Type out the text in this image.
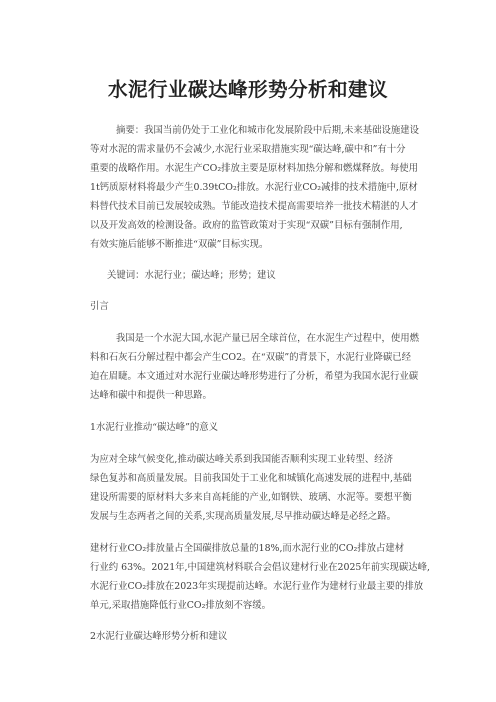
水泥行业碳达峰形势分析和建议
摘要：我国当前仍处于工业化和城市化发展阶段中后期,未来基础设施建设
等对水泥的需求量仍不会减少,水泥行业采取措施实现“碳达峰,碳中和”有十分
重要的战略作用。水泥生产CO₂排放主要是原材料加热分解和燃煤释放。每使用
1t钙质原材料将最少产生0.39tCO₂排放。水泥行业CO₂减排的技术措施中,原材
料替代技术目前已发展较成熟。节能改造技术提高需要培养一批技术精湛的人才
以及开发高效的检测设备。政府的监管政策对于实现“双碳”目标有强制作用,
有效实施后能够不断推进“双碳”目标实现。
关键词：水泥行业；碳达峰；形势；建议
引言
我国是一个水泥大国,水泥产量已居全球首位，在水泥生产过程中，使用燃
料和石灰石分解过程中都会产生CO2。在“双碳”的背景下，水泥行业降碳已经
迫在眉睫。本文通过对水泥行业碳达峰形势进行了分析，希望为我国水泥行业碳
达峰和碳中和提供一种思路。
1水泥行业推动“碳达峰”的意义
为应对全球气候变化,推动碳达峰关系到我国能否顺利实现工业转型、经济
绿色复苏和高质量发展。目前我国处于工业化和城镇化高速发展的进程中,基础
建设所需要的原材料大多来自高耗能的产业,如钢铁、玻璃、水泥等。要想平衡
发展与生态两者之间的关系,实现高质量发展,尽早推动碳达峰是必经之路。
建材行业CO₂排放量占全国碳排放总量的18%,而水泥行业的CO₂排放占建材
行业约 63%。2021年,中国建筑材料联合会倡议建材行业在2025年前实现碳达峰,
水泥行业CO₂排放在2023年实现提前达峰。水泥行业作为建材行业最主要的排放
单元,采取措施降低行业CO₂排放刻不容缓。
2水泥行业碳达峰形势分析和建议
